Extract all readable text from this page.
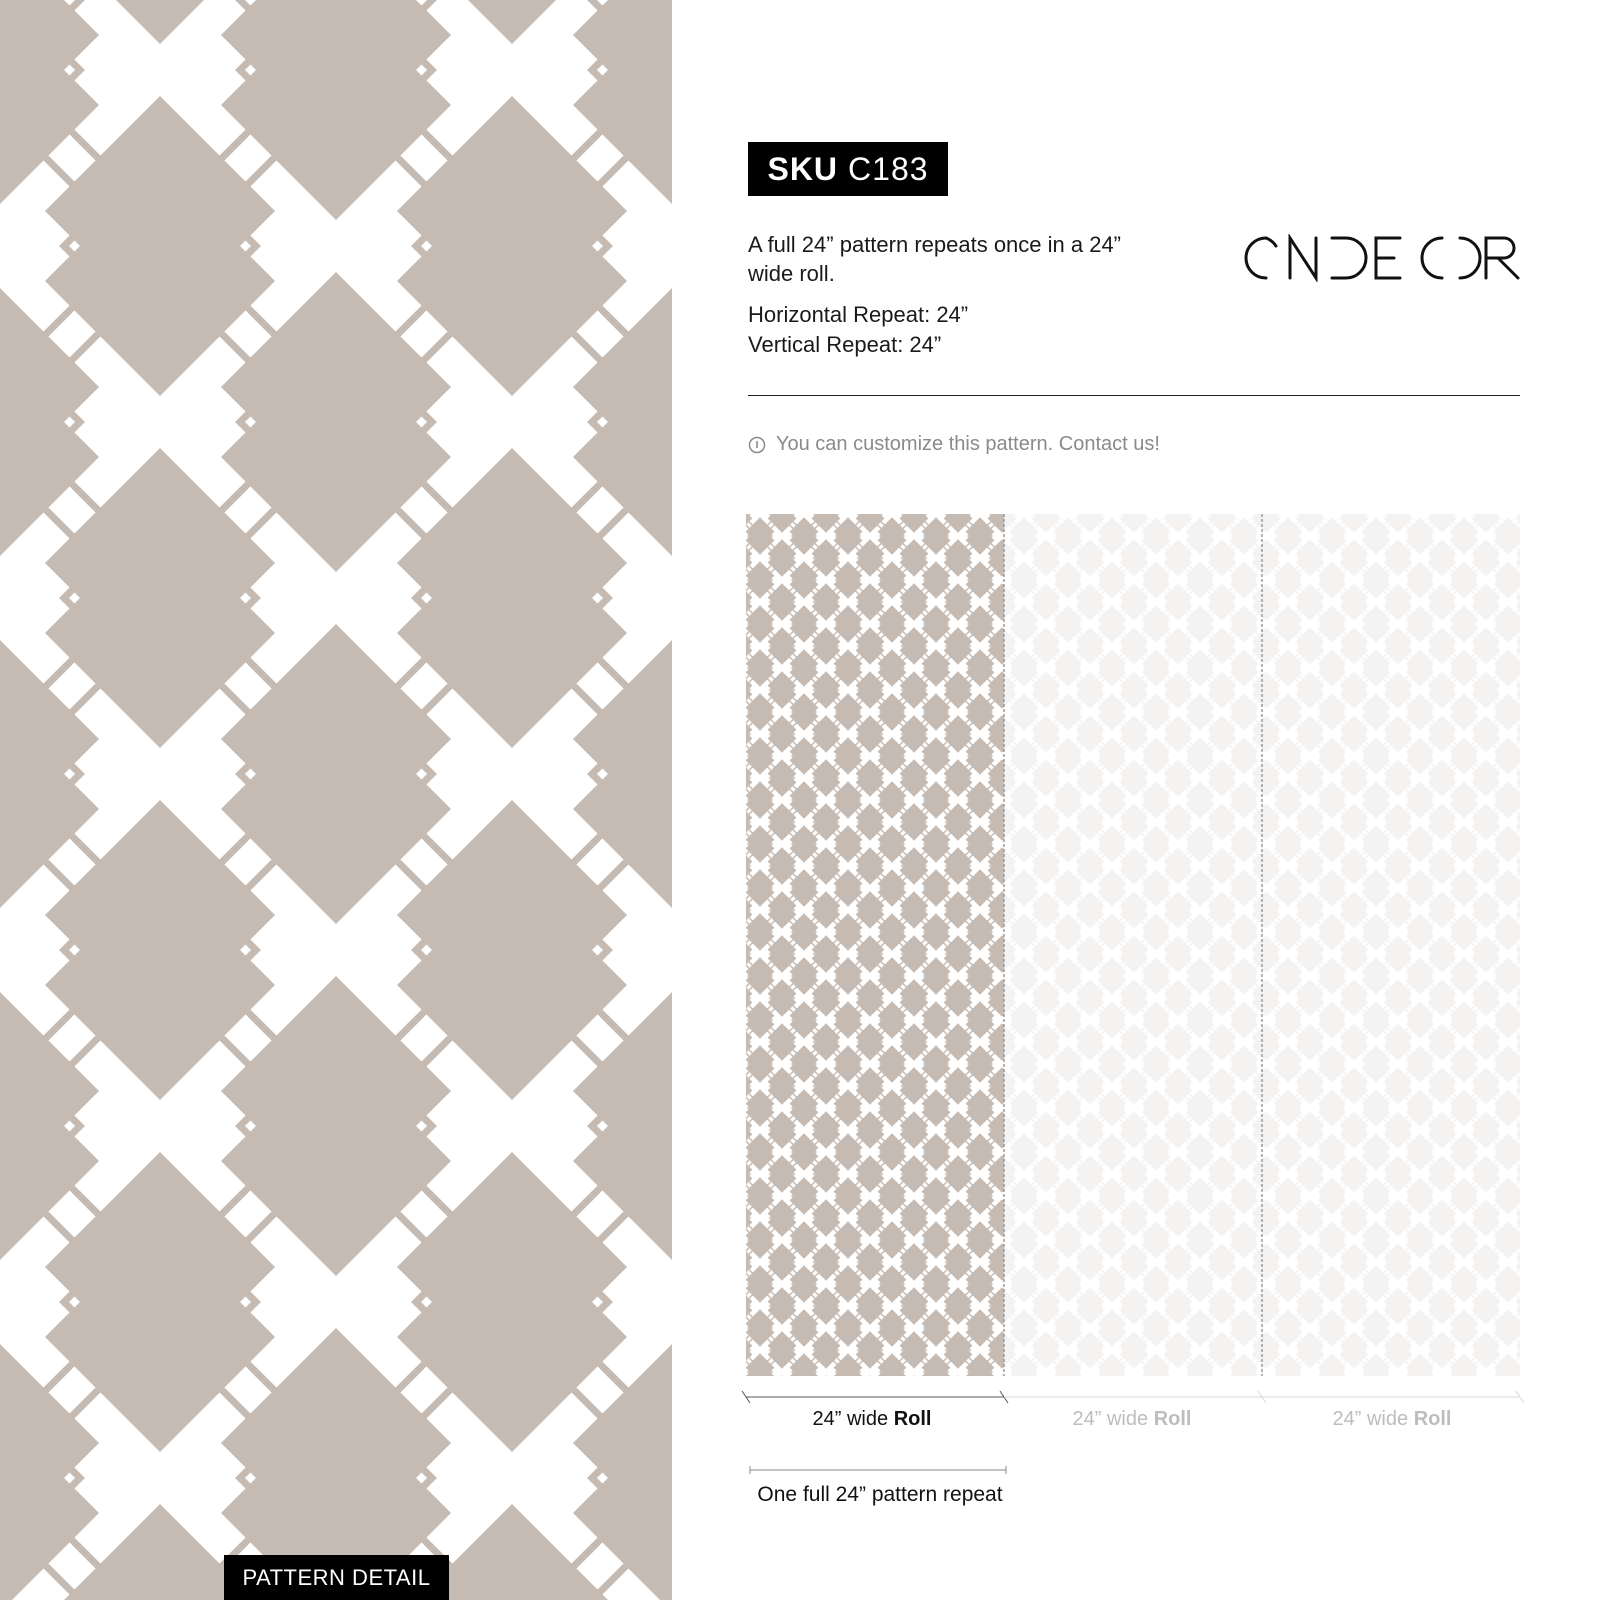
PATTERN DETAIL
SKU C183
A full 24” pattern repeats once in a 24” wide roll.
Horizontal Repeat: 24”
Vertical Repeat: 24”
You can customize this pattern. Contact us!
24” wide Roll	24” wide Roll	24” wide Roll
One full 24” pattern repeat
